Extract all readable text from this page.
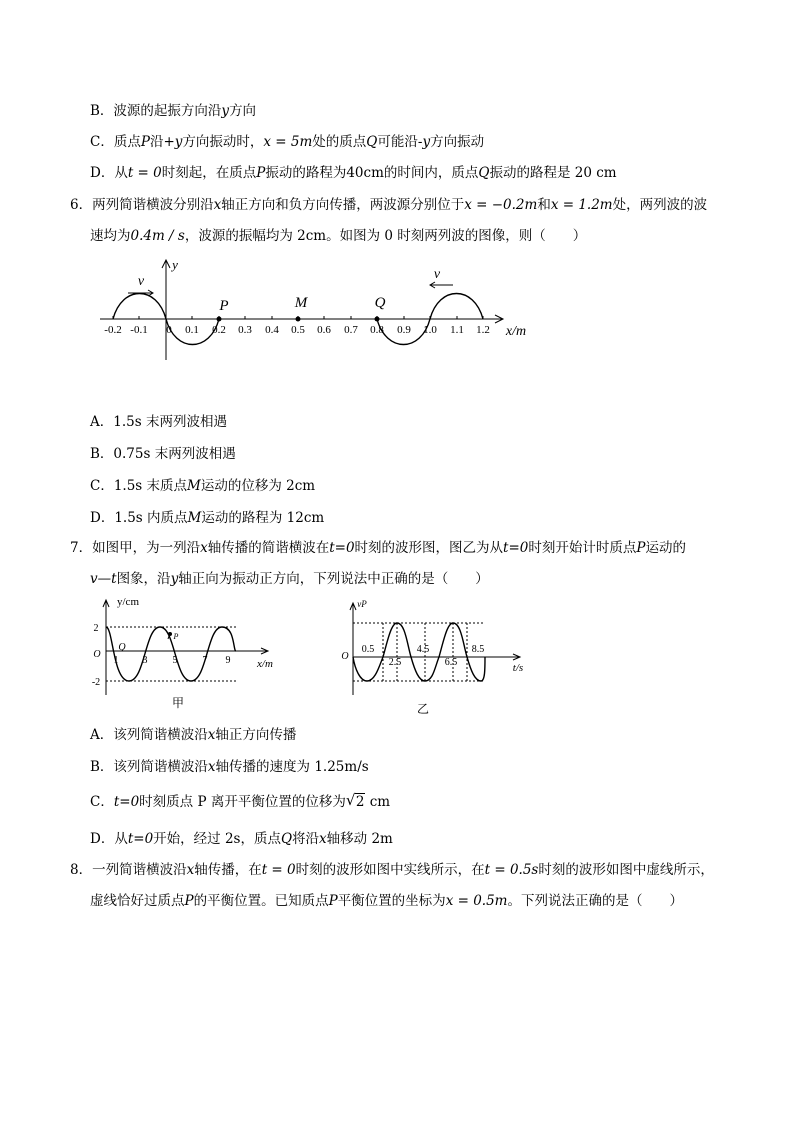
B．波源的起振方向沿y方向
C．质点P沿+y方向振动时，x = 5m处的质点Q可能沿-y方向振动
D．从t = 0时刻起，在质点P振动的路程为40cm的时间内，质点Q振动的路程是 20 cm
6．两列简谐横波分别沿x轴正方向和负方向传播，两波源分别位于x = −0.2m和x = 1.2m处，两列波的波
速均为0.4m / s，波源的振幅均为 2cm。如图为 0 时刻两列波的图像，则（　　）
-0.2 -0.1 0 0.1 0.2 0.3 0.4 0.5 0.6 0.7 0.8 0.9 1.0 1.1 1.2
P	M	Q
v	v
y
x/m
A．1.5s 末两列波相遇
B．0.75s 末两列波相遇
C．1.5s 末质点M运动的位移为 2cm
D．1.5s 内质点M运动的路程为 12cm
7．如图甲，为一列沿x轴传播的简谐横波在t=0时刻的波形图，图乙为从t=0时刻开始计时质点P运动的
v—t图象，沿y轴正向为振动正方向，下列说法中正确的是（　　）
1 3	5	7 9
2
-2
O
Q
P
y/cm
x/m
甲
0.5	4.5	8.5
2.5	6.5
O
vP
t/s
乙
A．该列简谐横波沿x轴正方向传播
B．该列简谐横波沿x轴传播的速度为 1.25m/s
C．t=0时刻质点 P 离开平衡位置的位移为 √ 2 cm
D．从t=0开始，经过 2s，质点Q将沿x轴移动 2m
8．一列简谐横波沿x轴传播，在t = 0时刻的波形如图中实线所示，在t = 0.5s时刻的波形如图中虚线所示，
虚线恰好过质点P的平衡位置。已知质点P平衡位置的坐标为x = 0.5m。下列说法正确的是（　　）
